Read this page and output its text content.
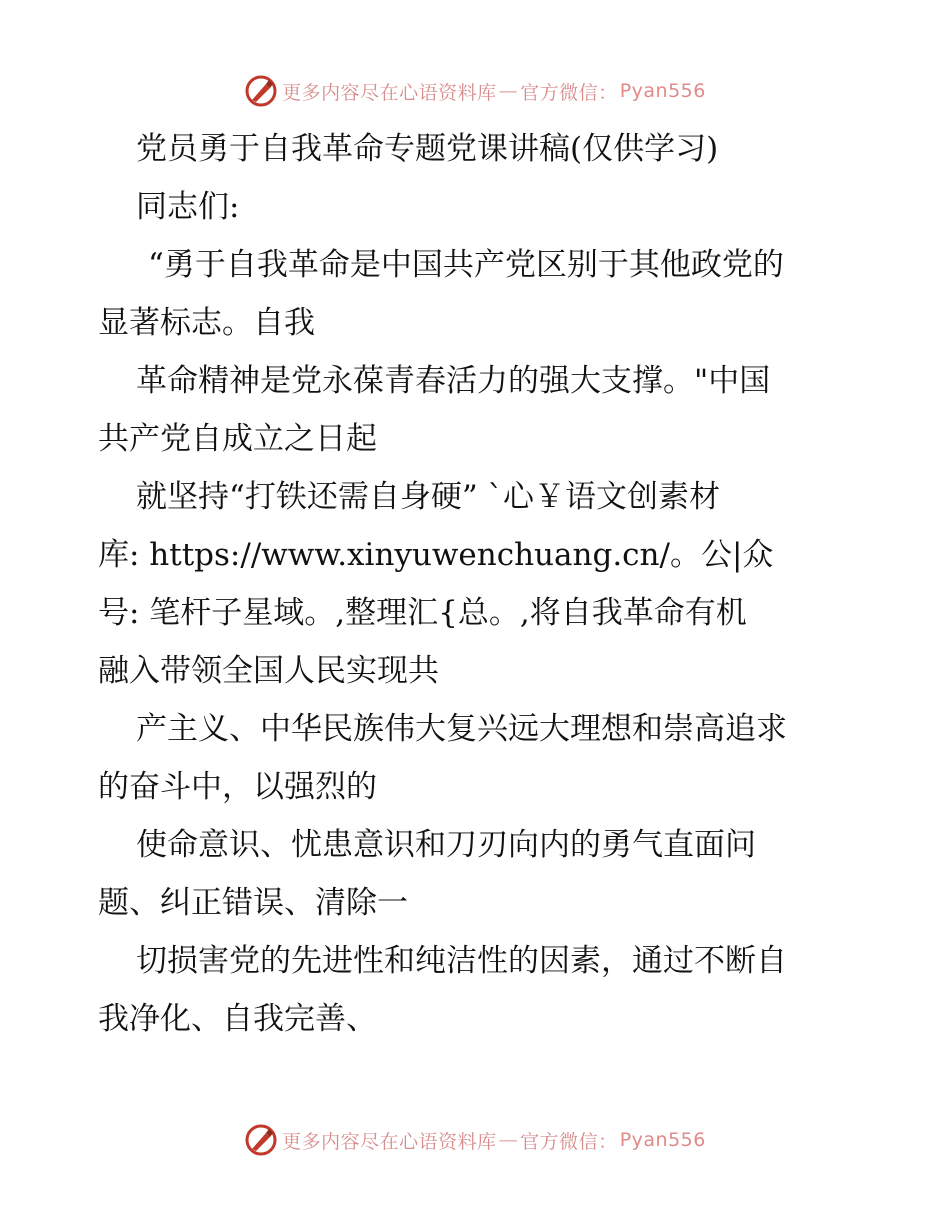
更多内容尽在心语资料库 — 官方微信： Pyan556
党员勇于自我革命专题党课讲稿(仅供学习)
同志们:
“勇于自我革命是中国共产党区别于其他政党的
显著标志。自我
革命精神是党永葆青春活力的强大支撑。"中国
共产党自成立之日起
就坚持“打铁还需自身硬” `心￥语文创素材
库: https://www.xinyuwenchuang.cn/。公|众
号: 笔杆子星域。,整理汇{总。,将自我革命有机
融入带领全国人民实现共
产主义、中华民族伟大复兴远大理想和崇高追求
的奋斗中，以强烈的
使命意识、忧患意识和刀刃向内的勇气直面问
题、纠正错误、清除一
切损害党的先进性和纯洁性的因素，通过不断自
我净化、自我完善、
更多内容尽在心语资料库 — 官方微信： Pyan556
